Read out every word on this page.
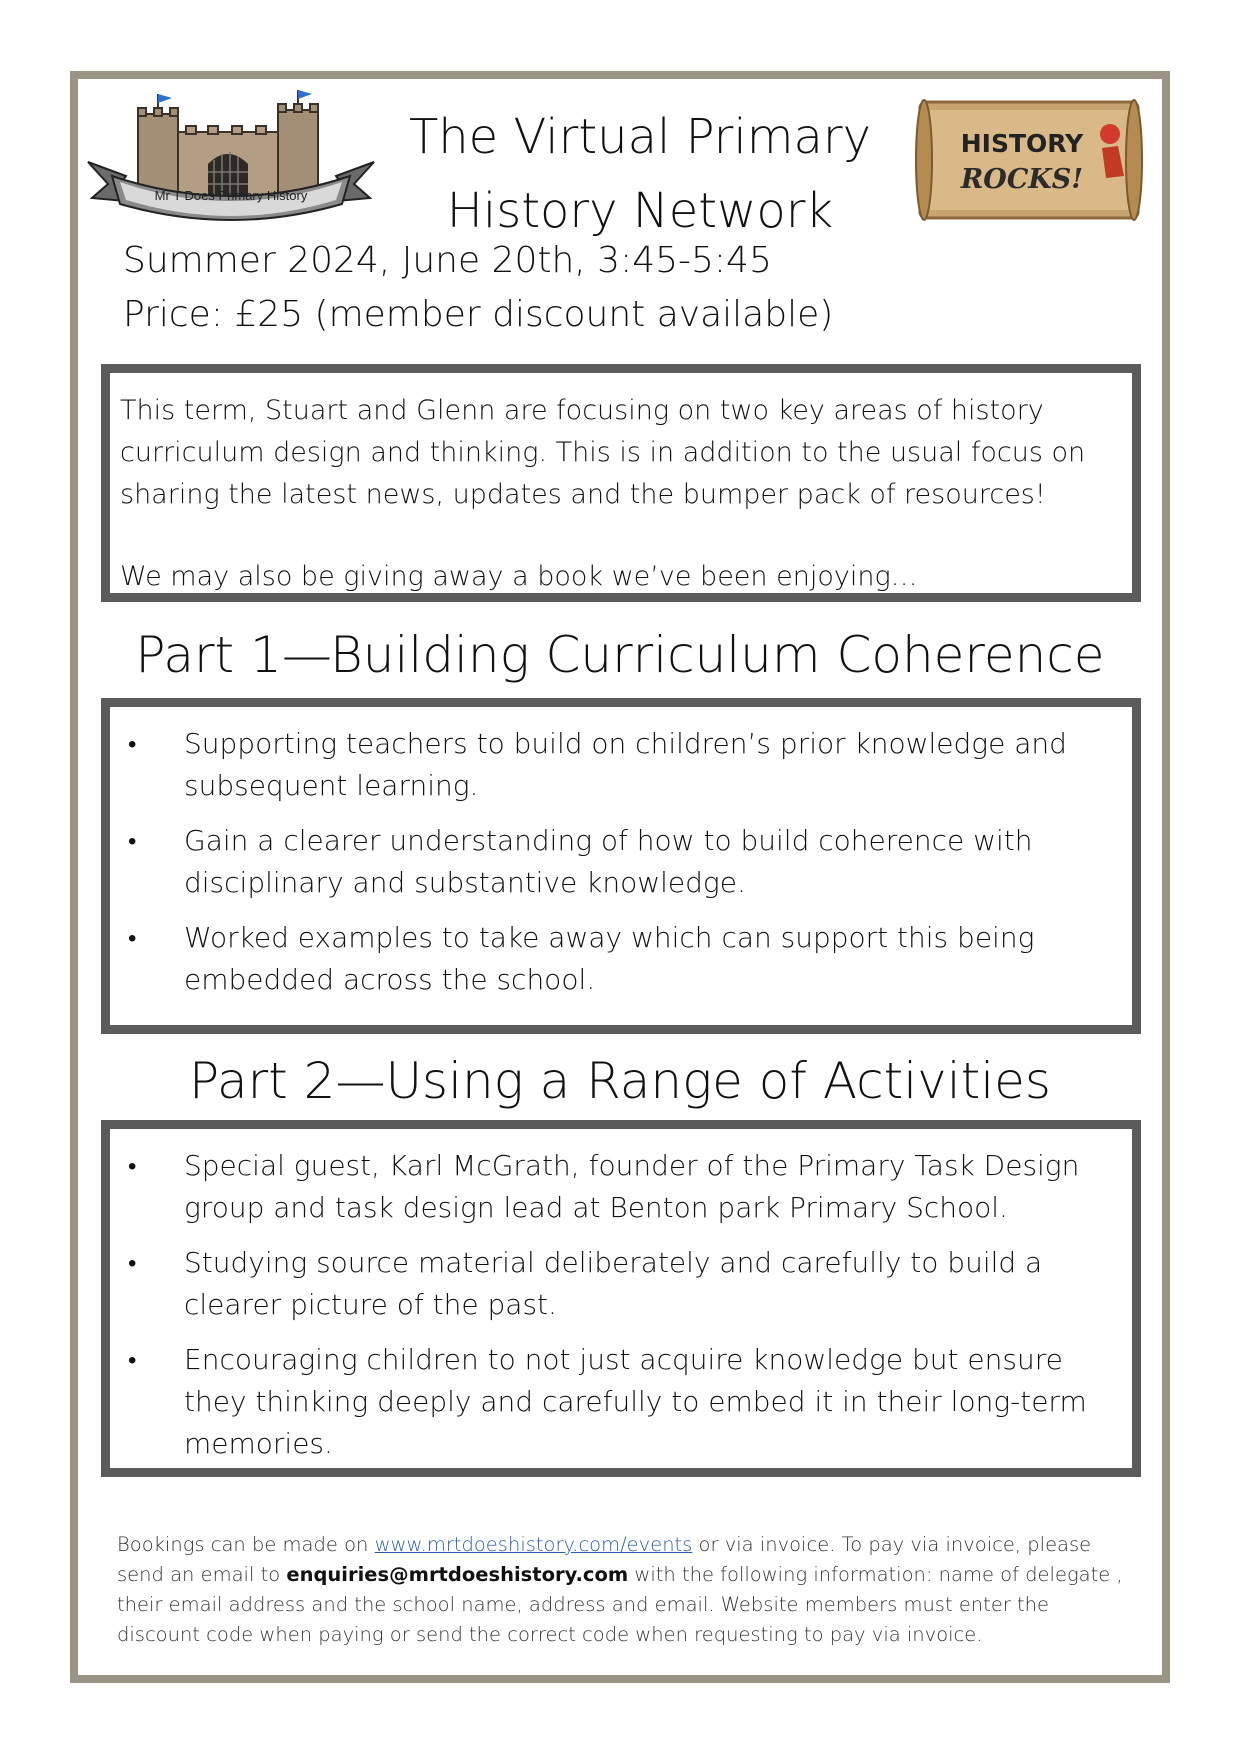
Mr T Does Primary History
The Virtual Primary
History Network
HISTORY
ROCKS!
Summer 2024, June 20th, 3:45-5:45
Price: £25 (member discount available)

This term, Stuart and Glenn are focusing on two key areas of history curriculum design and thinking. This is in addition to the usual focus on sharing the latest news, updates and the bumper pack of resources!

We may also be giving away a book we’ve been enjoying…

Part 1—Building Curriculum Coherence
• Supporting teachers to build on children’s prior knowledge and subsequent learning.
• Gain a clearer understanding of how to build coherence with disciplinary and substantive knowledge.
• Worked examples to take away which can support this being embedded across the school.
Part 2—Using a Range of Activities
• Special guest, Karl McGrath, founder of the Primary Task Design group and task design lead at Benton park Primary School.
• Studying source material deliberately and carefully to build a clearer picture of the past.
• Encouraging children to not just acquire knowledge but ensure they thinking deeply and carefully to embed it in their long-term memories.
Bookings can be made on www.mrtdoeshistory.com/events or via invoice. To pay via invoice, please send an email to enquiries@mrtdoeshistory.com with the following information: name of delegate , their email address and the school name, address and email. Website members must enter the discount code when paying or send the correct code when requesting to pay via invoice.
